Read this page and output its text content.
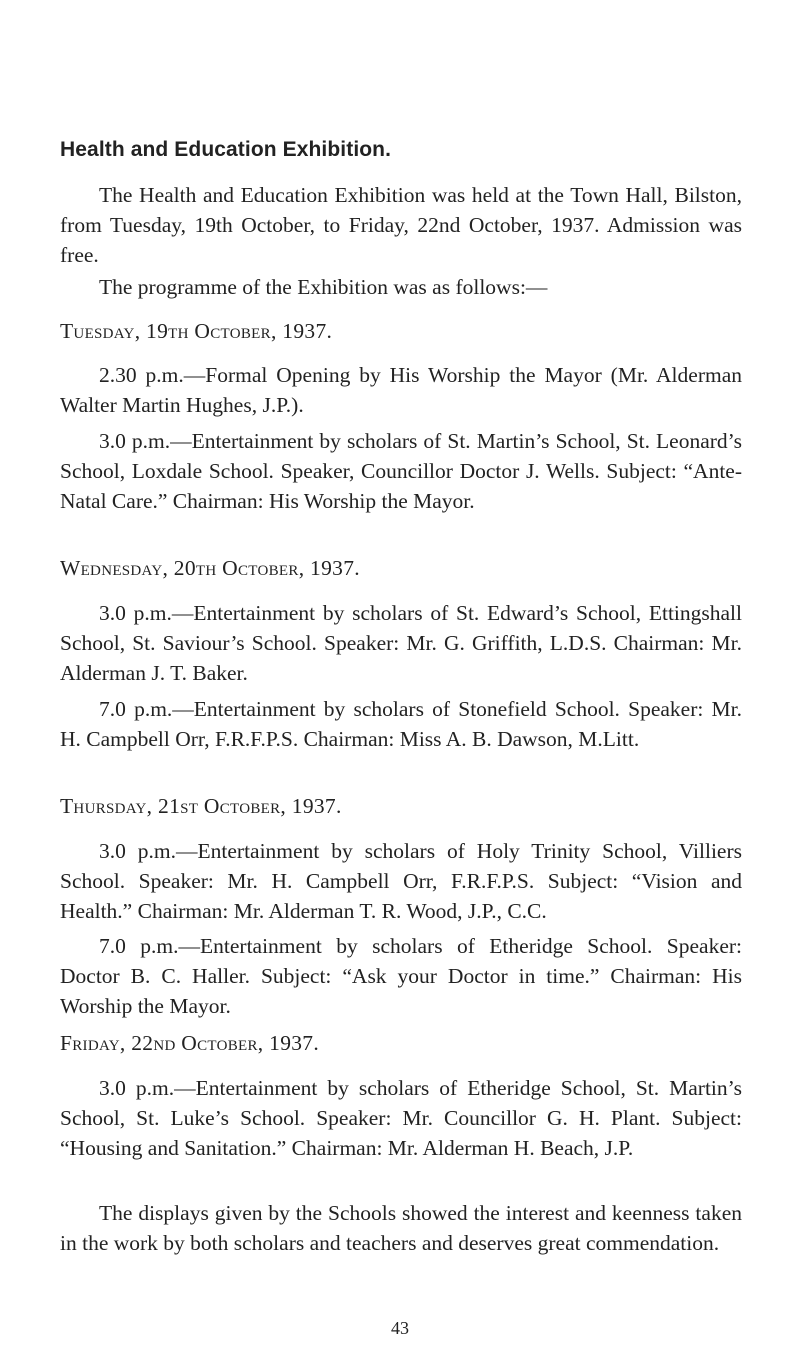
Health and Education Exhibition.

The Health and Education Exhibition was held at the Town Hall, Bilston, from Tuesday, 19th October, to Friday, 22nd October, 1937. Admission was free.

The programme of the Exhibition was as follows:—

Tuesday, 19th October, 1937.

2.30 p.m.—Formal Opening by His Worship the Mayor (Mr. Alderman Walter Martin Hughes, J.P.).

3.0 p.m.—Entertainment by scholars of St. Martin’s School, St. Leonard’s School, Loxdale School. Speaker, Councillor Doctor J. Wells. Subject: “Ante-Natal Care.” Chairman: His Worship the Mayor.

Wednesday, 20th October, 1937.

3.0 p.m.—Entertainment by scholars of St. Edward’s School, Ettingshall School, St. Saviour’s School. Speaker: Mr. G. Griffith, L.D.S. Chairman: Mr. Alderman J. T. Baker.

7.0 p.m.—Entertainment by scholars of Stonefield School. Speaker: Mr. H. Campbell Orr, F.R.F.P.S. Chairman: Miss A. B. Dawson, M.Litt.

Thursday, 21st October, 1937.

3.0 p.m.—Entertainment by scholars of Holy Trinity School, Villiers School. Speaker: Mr. H. Campbell Orr, F.R.F.P.S. Subject: “Vision and Health.” Chairman: Mr. Alderman T. R. Wood, J.P., C.C.

7.0 p.m.—Entertainment by scholars of Etheridge School. Speaker: Doctor B. C. Haller. Subject: “Ask your Doctor in time.” Chairman: His Worship the Mayor.

Friday, 22nd October, 1937.

3.0 p.m.—Entertainment by scholars of Etheridge School, St. Martin’s School, St. Luke’s School. Speaker: Mr. Councillor G. H. Plant. Subject: “Housing and Sanitation.” Chairman: Mr. Alderman H. Beach, J.P.

The displays given by the Schools showed the interest and keenness taken in the work by both scholars and teachers and deserves great commendation.

43
